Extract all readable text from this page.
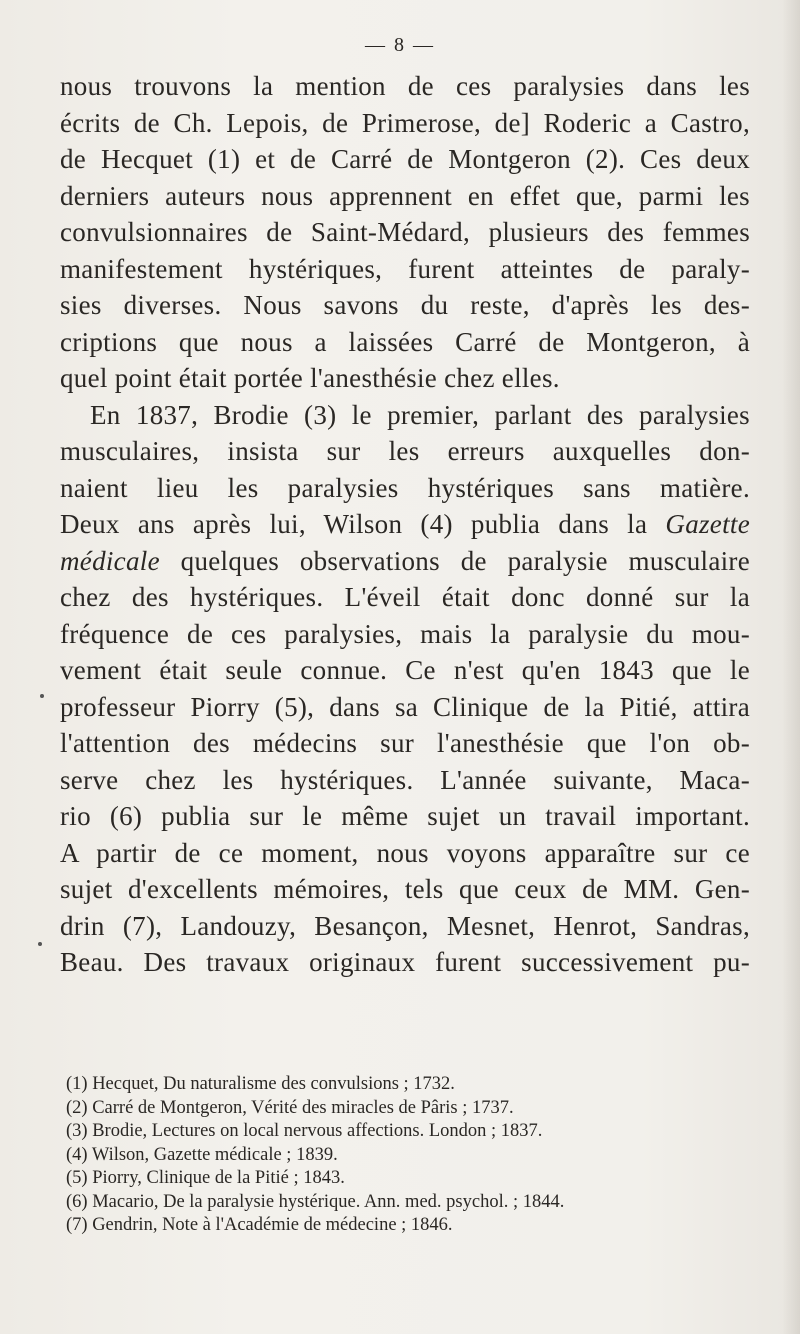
— 8 —
nous trouvons la mention de ces paralysies dans les
écrits de Ch. Lepois, de Primerose, de] Roderic a Castro,
de Hecquet (1) et de Carré de Montgeron (2). Ces deux
derniers auteurs nous apprennent en effet que, parmi les
convulsionnaires de Saint-Médard, plusieurs des femmes
manifestement hystériques, furent atteintes de paraly-
sies diverses. Nous savons du reste, d'après les des-
criptions que nous a laissées Carré de Montgeron, à
quel point était portée l'anesthésie chez elles.
En 1837, Brodie (3) le premier, parlant des paralysies
musculaires, insista sur les erreurs auxquelles don-
naient lieu les paralysies hystériques sans matière.
Deux ans après lui, Wilson (4) publia dans la Gazette
médicale quelques observations de paralysie musculaire
chez des hystériques. L'éveil était donc donné sur la
fréquence de ces paralysies, mais la paralysie du mou-
vement était seule connue. Ce n'est qu'en 1843 que le
professeur Piorry (5), dans sa Clinique de la Pitié, attira
l'attention des médecins sur l'anesthésie que l'on ob-
serve chez les hystériques. L'année suivante, Maca-
rio (6) publia sur le même sujet un travail important.
A partir de ce moment, nous voyons apparaître sur ce
sujet d'excellents mémoires, tels que ceux de MM. Gen-
drin (7), Landouzy, Besançon, Mesnet, Henrot, Sandras,
Beau. Des travaux originaux furent successivement pu-
(1) Hecquet, Du naturalisme des convulsions ; 1732.
(2) Carré de Montgeron, Vérité des miracles de Pâris ; 1737.
(3) Brodie, Lectures on local nervous affections. London ; 1837.
(4) Wilson, Gazette médicale ; 1839.
(5) Piorry, Clinique de la Pitié ; 1843.
(6) Macario, De la paralysie hystérique. Ann. med. psychol. ; 1844.
(7) Gendrin, Note à l'Académie de médecine ; 1846.
